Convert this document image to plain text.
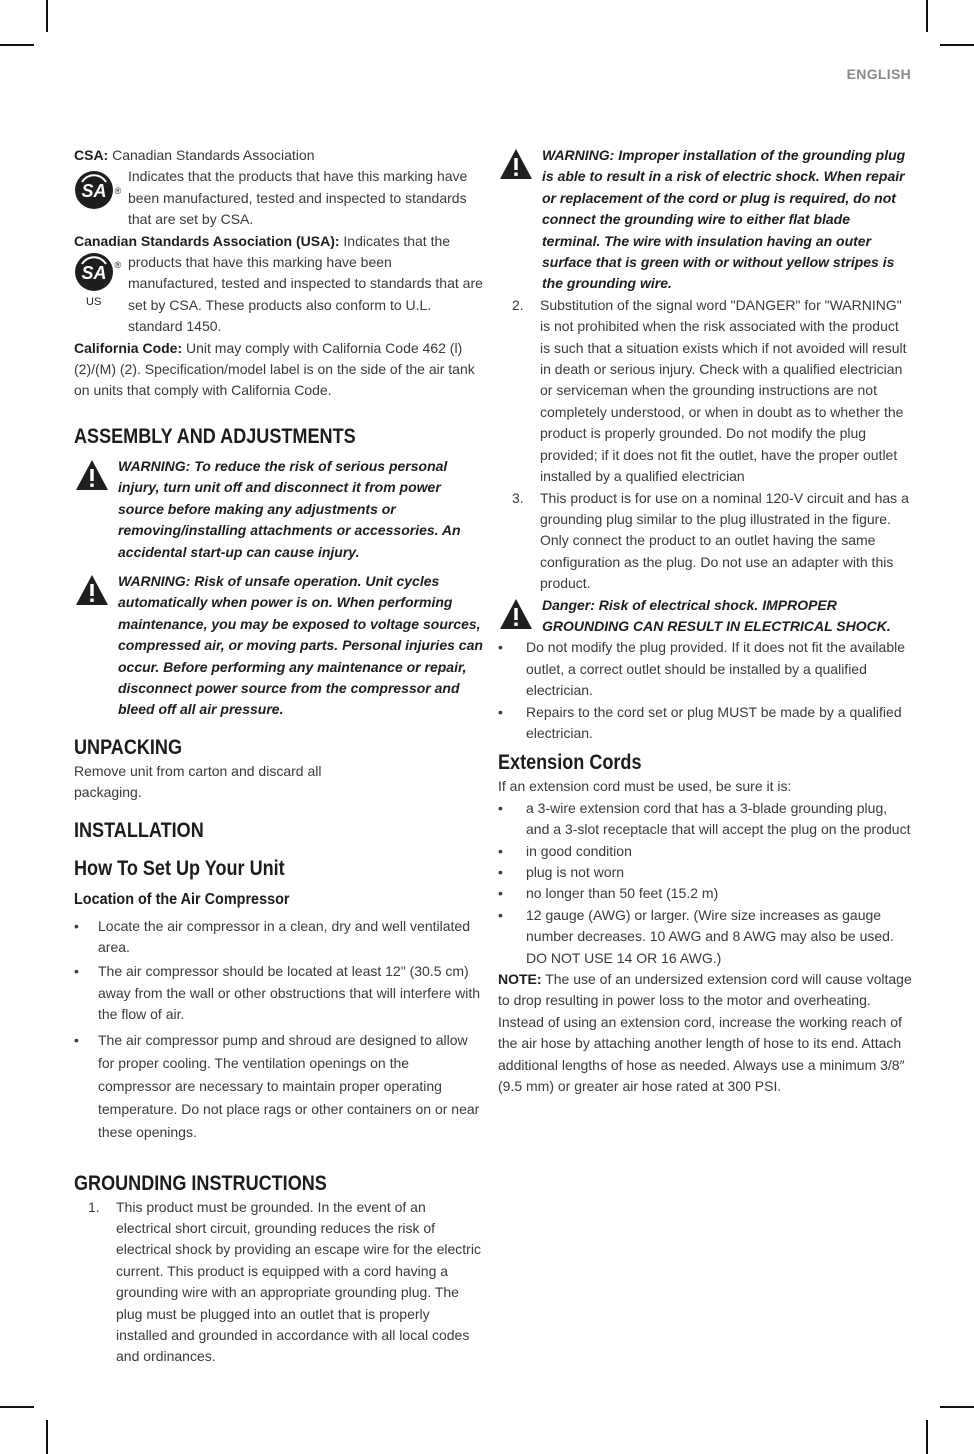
ENGLISH

CSA: Canadian Standards Association

SA ®
Indicates that the products that have this marking have been manufactured, tested and inspected to standards that are set by CSA.

Canadian Standards Association (USA): Indicates that the

SA ®
US
products that have this marking have been manufactured, tested and inspected to standards that are set by CSA. These products also conform to U.L. standard 1450.

California Code: Unit may comply with California Code 462 (l) (2)/(M) (2). Specification/model label is on the side of the air tank on units that comply with California Code.

ASSEMBLY AND ADJUSTMENTS
WARNING: To reduce the risk of serious personal injury, turn unit off and disconnect it from power source before making any adjustments or removing/installing attachments or accessories. An accidental start-up can cause injury.
WARNING: Risk of unsafe operation. Unit cycles automatically when power is on. When performing maintenance, you may be exposed to voltage sources, compressed air, or moving parts. Personal injuries can occur. Before performing any maintenance or repair, disconnect power source from the compressor and bleed off all air pressure.
UNPACKING

Remove unit from carton and discard all packaging.

INSTALLATION
How To Set Up Your Unit
Location of the Air Compressor
• Locate the air compressor in a clean, dry and well ventilated area.
• The air compressor should be located at least 12" (30.5 cm) away from the wall or other obstructions that will interfere with the flow of air.
• The air compressor pump and shroud are designed to allow for proper cooling. The ventilation openings on the compressor are necessary to maintain proper operating temperature. Do not place rags or other containers on or near these openings.
GROUNDING INSTRUCTIONS
1. This product must be grounded. In the event of an electrical short circuit, grounding reduces the risk of electrical shock by providing an escape wire for the electric current. This product is equipped with a cord having a grounding wire with an appropriate grounding plug. The plug must be plugged into an outlet that is properly installed and grounded in accordance with all local codes and ordinances.
WARNING: Improper installation of the grounding plug is able to result in a risk of electric shock. When repair or replacement of the cord or plug is required, do not connect the grounding wire to either flat blade terminal. The wire with insulation having an outer surface that is green with or without yellow stripes is the grounding wire.
2. Substitution of the signal word "DANGER" for "WARNING" is not prohibited when the risk associated with the product is such that a situation exists which if not avoided will result in death or serious injury. Check with a qualified electrician or serviceman when the grounding instructions are not completely understood, or when in doubt as to whether the product is properly grounded. Do not modify the plug provided; if it does not fit the outlet, have the proper outlet installed by a qualified electrician
3. This product is for use on a nominal 120-V circuit and has a grounding plug similar to the plug illustrated in the figure. Only connect the product to an outlet having the same configuration as the plug. Do not use an adapter with this product.
Danger: Risk of electrical shock. IMPROPER GROUNDING CAN RESULT IN ELECTRICAL SHOCK.
• Do not modify the plug provided. If it does not fit the available outlet, a correct outlet should be installed by a qualified electrician.
• Repairs to the cord set or plug MUST be made by a qualified electrician.
Extension Cords

If an extension cord must be used, be sure it is:

• a 3-wire extension cord that has a 3-blade grounding plug, and a 3-slot receptacle that will accept the plug on the product
• in good condition
• plug is not worn
• no longer than 50 feet (15.2 m)
• 12 gauge (AWG) or larger. (Wire size increases as gauge number decreases. 10 AWG and 8 AWG may also be used. DO NOT USE 14 OR 16 AWG.)

NOTE: The use of an undersized extension cord will cause voltage to drop resulting in power loss to the motor and overheating. Instead of using an extension cord, increase the working reach of the air hose by attaching another length of hose to its end. Attach additional lengths of hose as needed. Always use a minimum 3/8″ (9.5 mm) or greater air hose rated at 300 PSI.
